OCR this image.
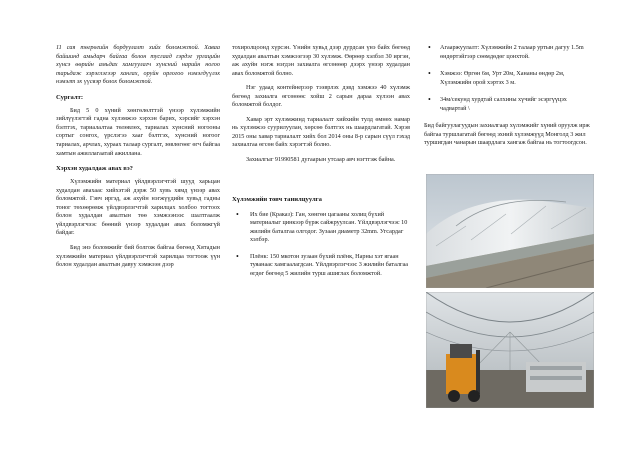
11 сая төгрөгийн бордуулалт хийх боломжтой. Хаваа байшинд амьдарч байгаа болон тусгаад гэрдэг ургацийн хүнсэ өөрийн амьдах хамгуулагч хүнсний нарийн ногоо тарьдаж хэрэглэгээр хангах, оруйн орлогоо нэмэгдүүлэх нэмэлт эх үүсвэр болох боломжтой.

Сургалт:

Бид 5 0 хүний хөнгөлөлттэй үнээр хүлэмжийн зийлүүлэгтэй гадна хүлэмжээ хэрхэн барих, хэрсийг хэрхэн бэлтгэх, тариалалтаа төлөвлөх, тариалах хүнсний ногооны сортыг сонгох, үрслэгээ хааг бэлтгэх, хүнсний ногоог тариалах, арчлах, хураах талаар сургалт, зөвлөгөөг өгч байгаа хамтын ажиллагаатай ажиллана.

Хэрхэн худалдаж авах вэ?

Хүлэмжийн материал үйлдвэрлэгчтэй шууд харьцан худалдан авахаас хийхэтэй дэрж 50 хувь хямд үнээр авах боломжтой. Гэвч иргэд, аж ахуйн нэгжүүдийн хувьд гадны тоног төхөөрөмж үйлдвэрлэгчтэй харилцах холбоо тогтоох болон худалдан авалтын төө хэмжээнээс шалтгаалж үйлдвэрлэгчээс бөөний үнээр худалдан авах боломжгүй байдаг.

Бид энэ боломжийг бий болгож байгаа бөгөөд Хятадын хүлэмжийн материал үйлдвэрлэгчтэй харилцаа тогтоож үүн болон худалдан авалтын давуу хэмжээн дээр

тохиролцоонд хүрсэн. Үнийн хувьд дээр дурдсан үнэ байх бөгөөд худалдан авалтын хэмжээгээр 30 хүлэмж. Өөрөөр хэлбэл 30 иргэн, аж ахуйн нэгж нэгдэн захиалга өгсөнөөр дээрх үнээр худалдан авах боломжтой болно.

Нэг удаад контейнерээр тээврлэх дэвд хэмжээ 40 хүлэмж бөгөөд захиалга өгсөнөөс хойш 2 сарын дараа хүлээн авах боломжтой болдог.

Хавар эрт хүлэмжинд тариалалт хийхийн тулд өмнөх намар нь хүлэмжээ суурилуулан, хөрсөө бэлтгэх нь шаардлагатай. Хэрэв 2015 оны хавар тариалалт хийх бол 2014 оны 8-р сарын сүүл гэхэд захиалгаа өгсөн байх хэрэгтэй болно.

Захиалгыг 91990581 дугаарын утсаар авч нэгтгэж байна.

Хүлэмжийн товч танилцуулга
• Их бие (Краказ): Ган, хөнгөн цагааны холиц бүхий материалыг цинкээр бүрж сайжруулсан. Үйлдвэрлэгчээс 10 жилийн баталгаа олгодог. Зузаан диаметр 32mm. Угсардаг хэлбэр.
• Плёнк: 150 мкотон зузаан бүхий плёнк, Нарны хэт ягаан туяанаас хамгаалагдсан. Үйлдвэрлэгчээс 3 жилийн баталгаа өгдөг бөгөөд 5 жилийн турш ашиглах боломжтой.
• Агааржуулалт: Хүлэмжийн 2 талаар уртын дагуу 1.5m өндөртэйгээр сөөмдөдөг цонхтой.
• Хэмжээ: Өргөн 6м, Урт 20м, Хананы өндөр 2м, Хүлэмжийн орой хэртэх 3 м.
• 34м/секунд хурдтай салхины хүчийг эсэргүүцэх чадвартай \

Бид байгуулагуудын захиалгаар хүлэмжийг хүний оруулж ирж байгаа туршлагатай бөгөөд эхний хүлэмжүүд Монголд 3 жил туршигдан чанарын шаардлага хангаж байгаа нь тогтоогдсон.
